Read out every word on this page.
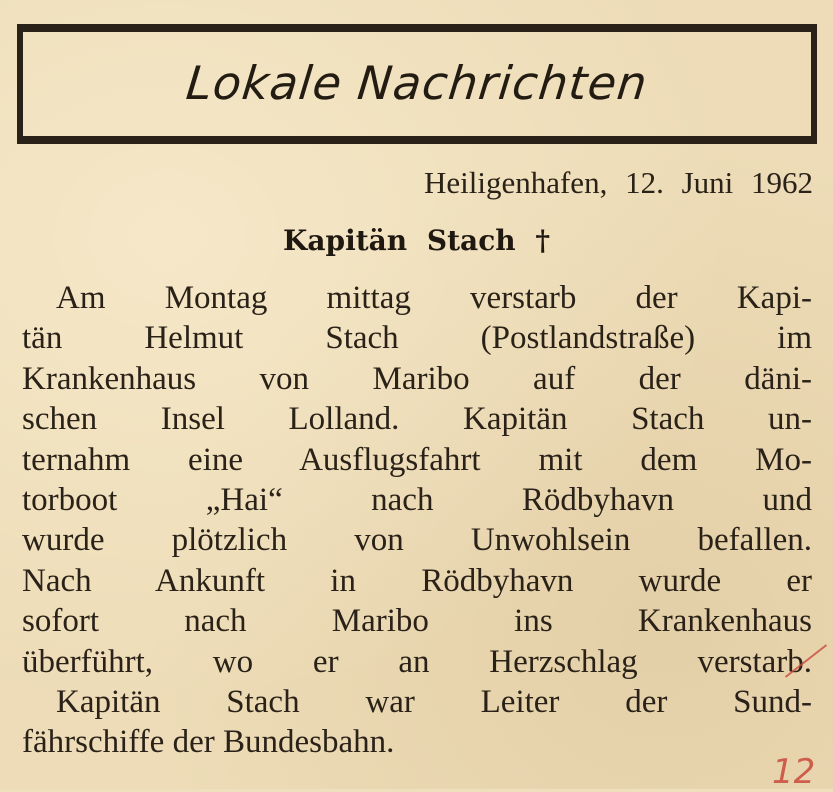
Lokale Nachrichten
Heiligenhafen, 12. Juni 1962
Kapitän Stach †
Am Montag mittag verstarb der Kapi-
tän Helmut Stach (Postlandstraße) im
Krankenhaus von Maribo auf der däni-
schen Insel Lolland. Kapitän Stach un-
ternahm eine Ausflugsfahrt mit dem Mo-
torboot „Hai“ nach Rödbyhavn und
wurde plötzlich von Unwohlsein befallen.
Nach Ankunft in Rödbyhavn wurde er
sofort nach Maribo ins Krankenhaus
überführt, wo er an Herzschlag verstarb.
Kapitän Stach war Leiter der Sund-
fährschiffe der Bundesbahn.
12
